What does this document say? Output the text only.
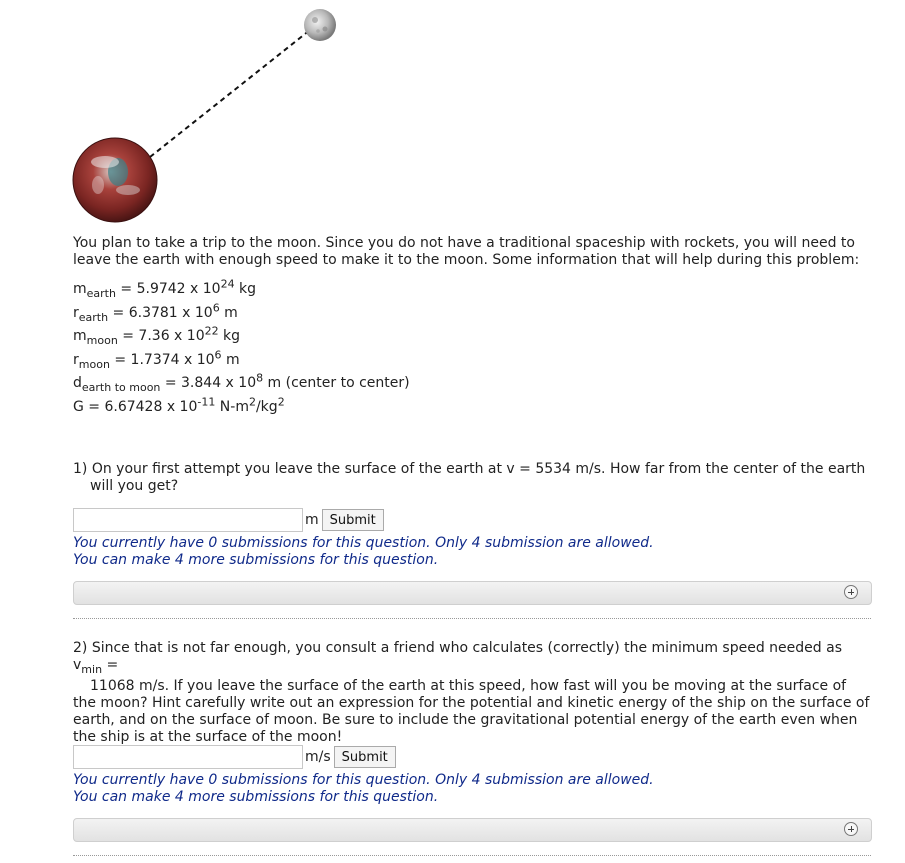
You plan to take a trip to the moon. Since you do not have a traditional spaceship with rockets, you will need to leave the earth with enough speed to make it to the moon. Some information that will help during this problem:

$m_{earth} = 5.9742$ x $10^{24}$ kg
$r_{earth} = 6.3781$ x $10^6$ m
$m_{moon} = 7.36$ x $10^{22}$ kg
$r_{moon} = 1.7374$ x $10^6$ m
$d_{earth to moon} = 3.844$ x $10^8$ m (center to center)
G = 6.67428 x $10^{-11}$ $N-m^2/kg^2$

1) On your first attempt you leave the surface of the earth at v = 5534 m/s. How far from the center of the earth will you get?

m Submit
You currently have 0 submissions for this question. Only 4 submission are allowed.
You can make 4 more submissions for this question.

2) Since that is not far enough, you consult a friend who calculates (correctly) the minimum speed needed as $v_{min}$ =
11068 m/s. If you leave the surface of the earth at this speed, how fast will you be moving at the surface of the moon? Hint carefully write out an expression for the potential and kinetic energy of the ship on the surface of earth, and on the surface of moon. Be sure to include the gravitational potential energy of the earth even when the ship is at the surface of the moon!

m/s Submit
You currently have 0 submissions for this question. Only 4 submission are allowed.
You can make 4 more submissions for this question.
